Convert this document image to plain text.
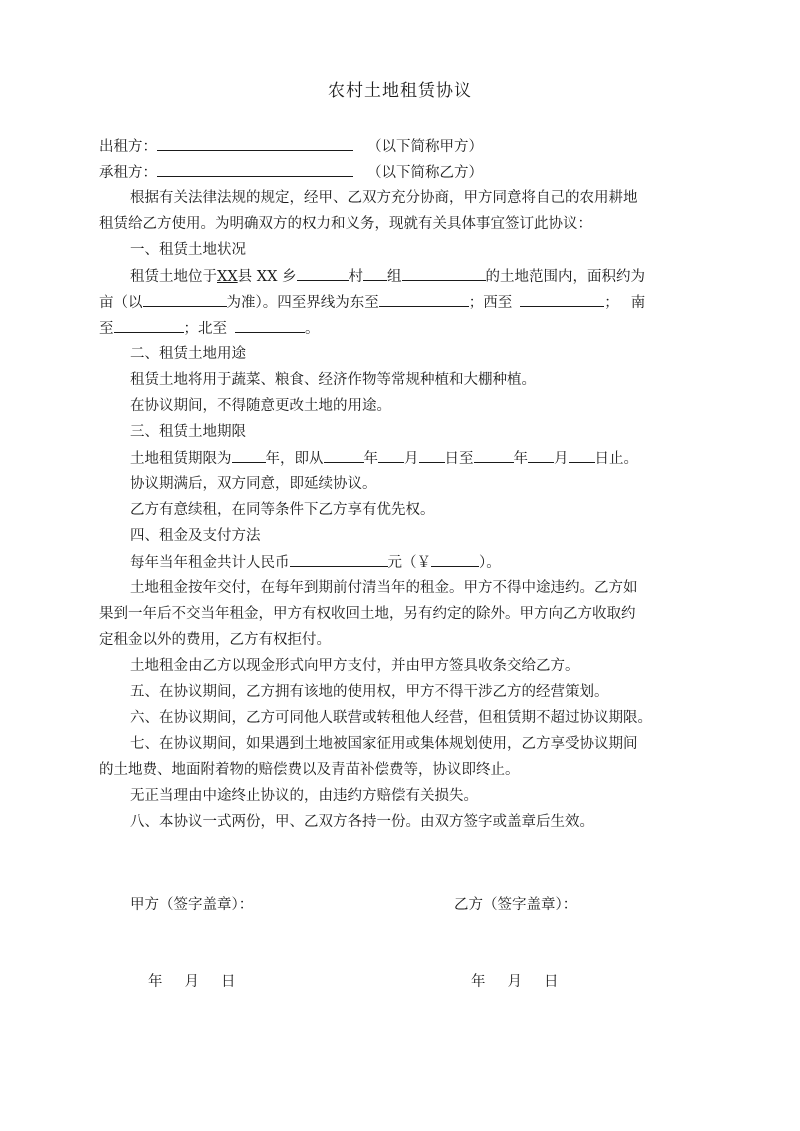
农村土地租赁协议
出租方：	（以下简称甲方）
承租方：	（以下简称乙方）
根据有关法律法规的规定，经甲、乙双方充分协商，甲方同意将自己的农用耕地
租赁给乙方使用。为明确双方的权力和义务，现就有关具体事宜签订此协议：
一、租赁土地状况
租赁土地位于XX县 XX 乡	村 组	的土地范围内，面积约为
亩（以	为准）。四至界线为东至	；西至	； 南
至	；北至	。
二、租赁土地用途
租赁土地将用于蔬菜、粮食、经济作物等常规种植和大棚种植。
在协议期间，不得随意更改土地的用途。
三、租赁土地期限
土地租赁期限为 年，即从	年 月 日至	年 月 日止。
协议期满后，双方同意，即延续协议。
乙方有意续租，在同等条件下乙方享有优先权。
四、租金及支付方法
每年当年租金共计人民币	元（￥	）。
土地租金按年交付，在每年到期前付清当年的租金。甲方不得中途违约。乙方如
果到一年后不交当年租金，甲方有权收回土地，另有约定的除外。甲方向乙方收取约
定租金以外的费用，乙方有权拒付。
土地租金由乙方以现金形式向甲方支付，并由甲方签具收条交给乙方。
五、在协议期间，乙方拥有该地的使用权，甲方不得干涉乙方的经营策划。
六、在协议期间，乙方可同他人联营或转租他人经营，但租赁期不超过协议期限。
七、在协议期间，如果遇到土地被国家征用或集体规划使用，乙方享受协议期间
的土地费、地面附着物的赔偿费以及青苗补偿费等，协议即终止。
无正当理由中途终止协议的，由违约方赔偿有关损失。
八、本协议一式两份，甲、乙双方各持一份。由双方签字或盖章后生效。
甲方（签字盖章）：	乙方（签字盖章）：
年 月 日	年 月 日
